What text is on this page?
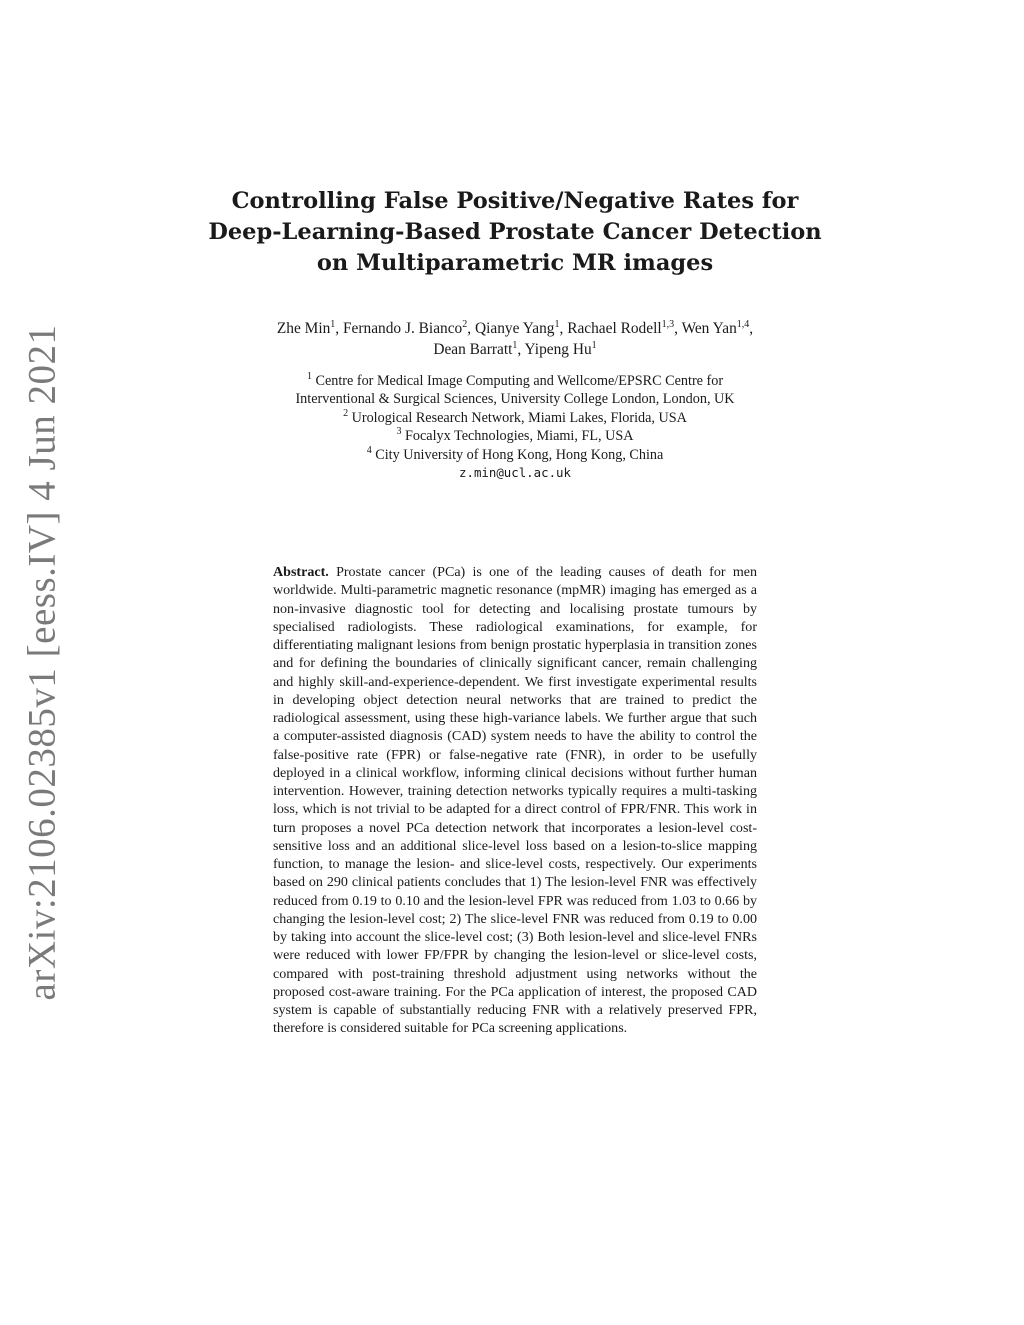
arXiv:2106.02385v1 [eess.IV] 4 Jun 2021
Controlling False Positive/Negative Rates for
Deep-Learning-Based Prostate Cancer Detection
on Multiparametric MR images
Zhe Min$^1$, Fernando J. Bianco$^2$, Qianye Yang$^1$, Rachael Rodell$^{1,3}$, Wen Yan$^{1,4}$,
Dean Barratt$^1$, Yipeng Hu$^1$
$^1$ Centre for Medical Image Computing and Wellcome/EPSRC Centre for
Interventional & Surgical Sciences, University College London, London, UK
$^2$ Urological Research Network, Miami Lakes, Florida, USA
$^3$ Focalyx Technologies, Miami, FL, USA
$^4$ City University of Hong Kong, Hong Kong, China
z.min@ucl.ac.uk

Abstract. Prostate cancer (PCa) is one of the leading causes of death for men worldwide. Multi-parametric magnetic resonance (mpMR) imaging has emerged as a non-invasive diagnostic tool for detecting and localising prostate tumours by specialised radiologists. These radiological examinations, for example, for differentiating malignant lesions from benign prostatic hyperplasia in transition zones and for defining the boundaries of clinically significant cancer, remain challenging and highly skill-and-experience-dependent. We first investigate experimental results in developing object detection neural networks that are trained to predict the radiological assessment, using these high-variance labels. We further argue that such a computer-assisted diagnosis (CAD) system needs to have the ability to control the false-positive rate (FPR) or false-negative rate (FNR), in order to be usefully deployed in a clinical workflow, informing clinical decisions without further human intervention. However, training detection networks typically requires a multi-tasking loss, which is not trivial to be adapted for a direct control of FPR/FNR. This work in turn proposes a novel PCa detection network that incorporates a lesion-level cost-sensitive loss and an additional slice-level loss based on a lesion-to-slice mapping function, to manage the lesion- and slice-level costs, respectively. Our experiments based on 290 clinical patients concludes that 1) The lesion-level FNR was effectively reduced from 0.19 to 0.10 and the lesion-level FPR was reduced from 1.03 to 0.66 by changing the lesion-level cost; 2) The slice-level FNR was reduced from 0.19 to 0.00 by taking into account the slice-level cost; (3) Both lesion-level and slice-level FNRs were reduced with lower FP/FPR by changing the lesion-level or slice-level costs, compared with post-training threshold adjustment using networks without the proposed cost-aware training. For the PCa application of interest, the proposed CAD system is capable of substantially reducing FNR with a relatively preserved FPR, therefore is considered suitable for PCa screening applications.
